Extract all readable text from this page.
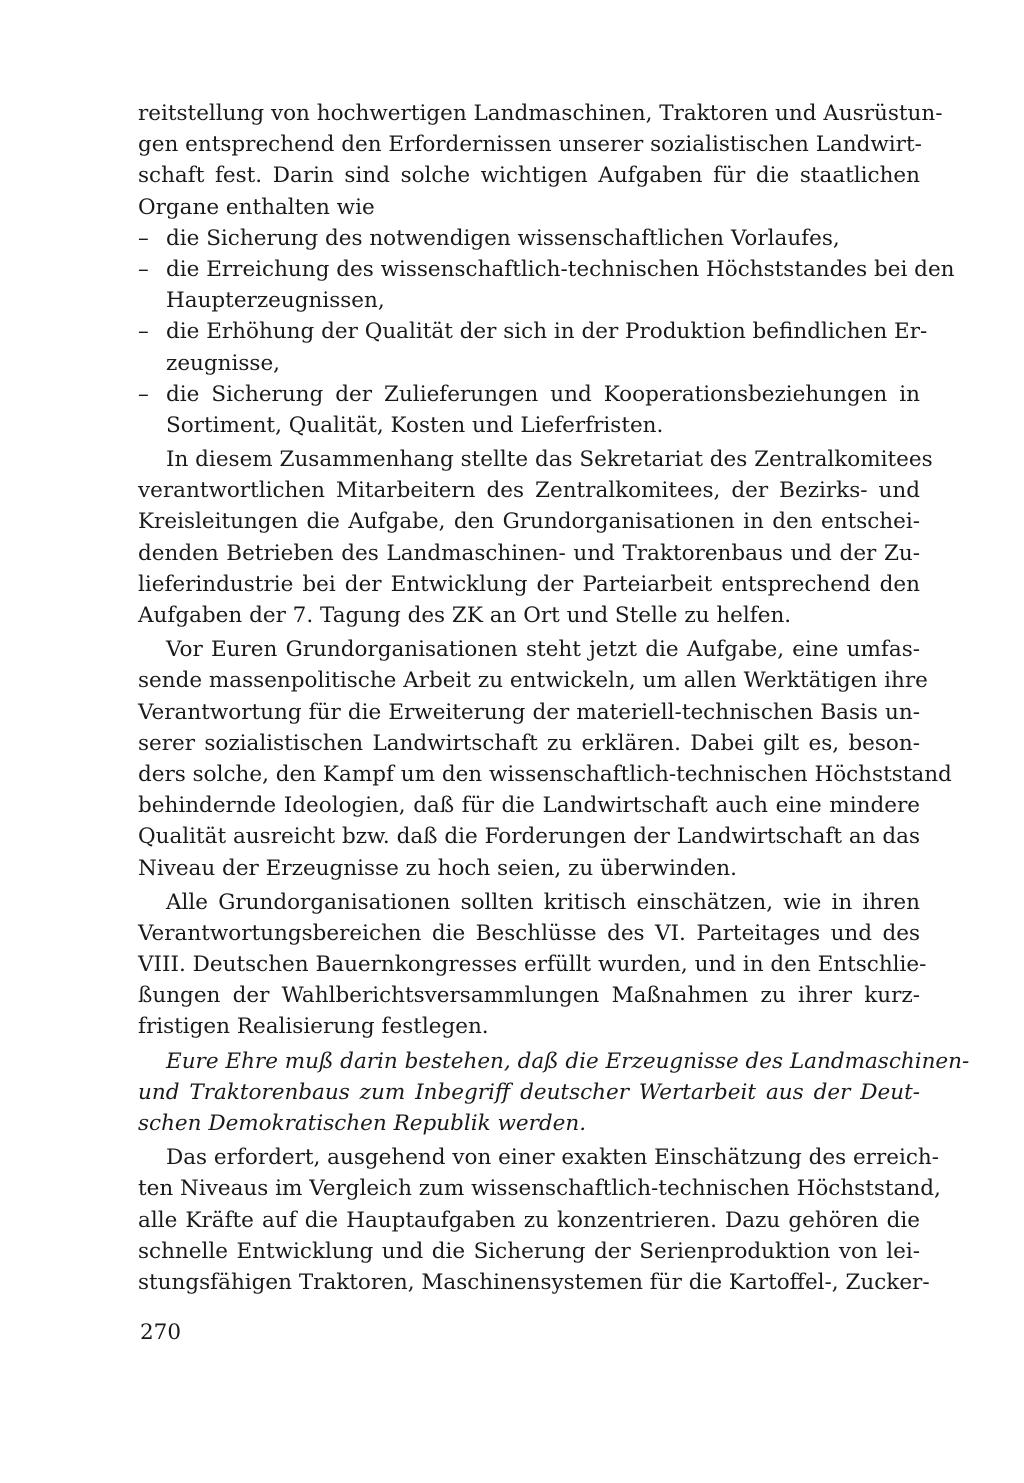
reitstellung von hochwertigen Landmaschinen, Traktoren und Ausrüstun-
gen entsprechend den Erfordernissen unserer sozialistischen Landwirt-
schaft fest. Darin sind solche wichtigen Aufgaben für die staatlichen
Organe enthalten wie
– die Sicherung des notwendigen wissenschaftlichen Vorlaufes,
– die Erreichung des wissenschaftlich-technischen Höchststandes bei den
Haupterzeugnissen,
– die Erhöhung der Qualität der sich in der Produktion befindlichen Er-
zeugnisse,
– die Sicherung der Zulieferungen und Kooperationsbeziehungen in
Sortiment, Qualität, Kosten und Lieferfristen.
In diesem Zusammenhang stellte das Sekretariat des Zentralkomitees
verantwortlichen Mitarbeitern des Zentralkomitees, der Bezirks- und
Kreisleitungen die Aufgabe, den Grundorganisationen in den entschei-
denden Betrieben des Landmaschinen- und Traktorenbaus und der Zu-
lieferindustrie bei der Entwicklung der Parteiarbeit entsprechend den
Aufgaben der 7. Tagung des ZK an Ort und Stelle zu helfen.
Vor Euren Grundorganisationen steht jetzt die Aufgabe, eine umfas-
sende massenpolitische Arbeit zu entwickeln, um allen Werktätigen ihre
Verantwortung für die Erweiterung der materiell-technischen Basis un-
serer sozialistischen Landwirtschaft zu erklären. Dabei gilt es, beson-
ders solche, den Kampf um den wissenschaftlich-technischen Höchststand
behindernde Ideologien, daß für die Landwirtschaft auch eine mindere
Qualität ausreicht bzw. daß die Forderungen der Landwirtschaft an das
Niveau der Erzeugnisse zu hoch seien, zu überwinden.
Alle Grundorganisationen sollten kritisch einschätzen, wie in ihren
Verantwortungsbereichen die Beschlüsse des VI. Parteitages und des
VIII. Deutschen Bauernkongresses erfüllt wurden, und in den Entschlie-
ßungen der Wahlberichtsversammlungen Maßnahmen zu ihrer kurz-
fristigen Realisierung festlegen.
Eure Ehre muß darin bestehen, daß die Erzeugnisse des Landmaschinen-
und Traktorenbaus zum Inbegriff deutscher Wertarbeit aus der Deut-
schen Demokratischen Republik werden.
Das erfordert, ausgehend von einer exakten Einschätzung des erreich-
ten Niveaus im Vergleich zum wissenschaftlich-technischen Höchststand,
alle Kräfte auf die Hauptaufgaben zu konzentrieren. Dazu gehören die
schnelle Entwicklung und die Sicherung der Serienproduktion von lei-
stungsfähigen Traktoren, Maschinensystemen für die Kartoffel-, Zucker-
270
